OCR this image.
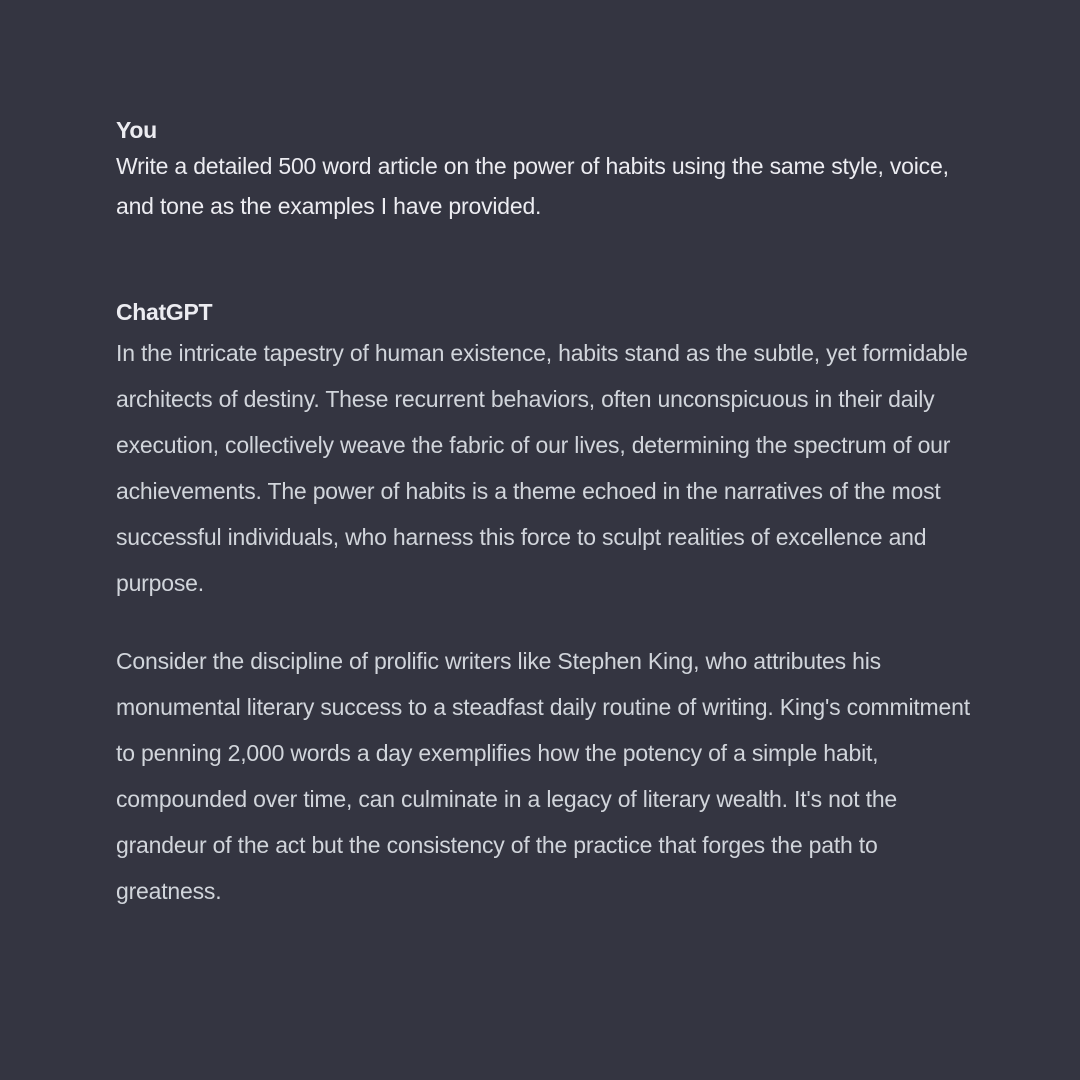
You

Write a detailed 500 word article on the power of habits using the same style, voice, and tone as the examples I have provided.

ChatGPT

In the intricate tapestry of human existence, habits stand as the subtle, yet formidable architects of destiny. These recurrent behaviors, often unconspicuous in their daily execution, collectively weave the fabric of our lives, determining the spectrum of our achievements. The power of habits is a theme echoed in the narratives of the most successful individuals, who harness this force to sculpt realities of excellence and purpose.

Consider the discipline of prolific writers like Stephen King, who attributes his monumental literary success to a steadfast daily routine of writing. King's commitment to penning 2,000 words a day exemplifies how the potency of a simple habit, compounded over time, can culminate in a legacy of literary wealth. It's not the grandeur of the act but the consistency of the practice that forges the path to greatness.
